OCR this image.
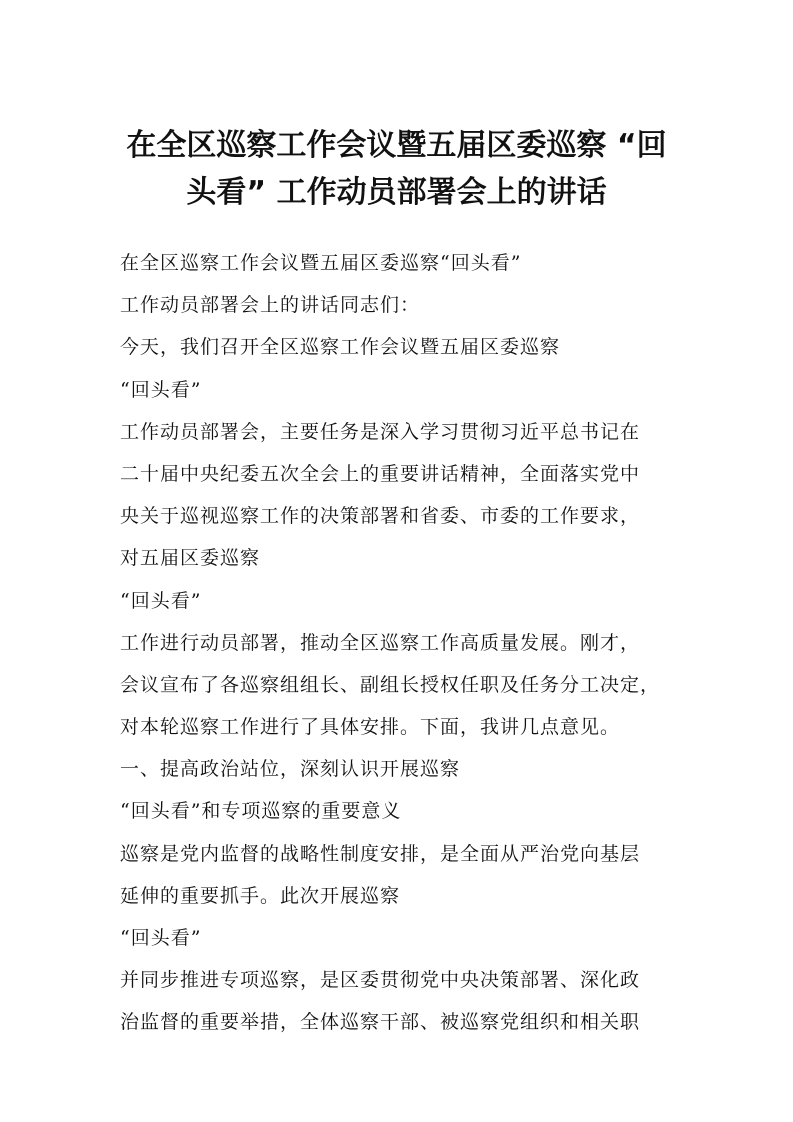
在全区巡察工作会议暨五届区委巡察 “回
头看” 工作动员部署会上的讲话

在全区巡察工作会议暨五届区委巡察“回头看”

工作动员部署会上的讲话同志们：

今天，我们召开全区巡察工作会议暨五届区委巡察

“回头看”

工作动员部署会，主要任务是深入学习贯彻习近平总书记在

二十届中央纪委五次全会上的重要讲话精神，全面落实党中

央关于巡视巡察工作的决策部署和省委、市委的工作要求，

对五届区委巡察

“回头看”

工作进行动员部署，推动全区巡察工作高质量发展。刚才，

会议宣布了各巡察组组长、副组长授权任职及任务分工决定，

对本轮巡察工作进行了具体安排。下面，我讲几点意见。

一、提高政治站位，深刻认识开展巡察

“回头看”和专项巡察的重要意义

巡察是党内监督的战略性制度安排，是全面从严治党向基层

延伸的重要抓手。此次开展巡察

“回头看”

并同步推进专项巡察，是区委贯彻党中央决策部署、深化政

治监督的重要举措，全体巡察干部、被巡察党组织和相关职
